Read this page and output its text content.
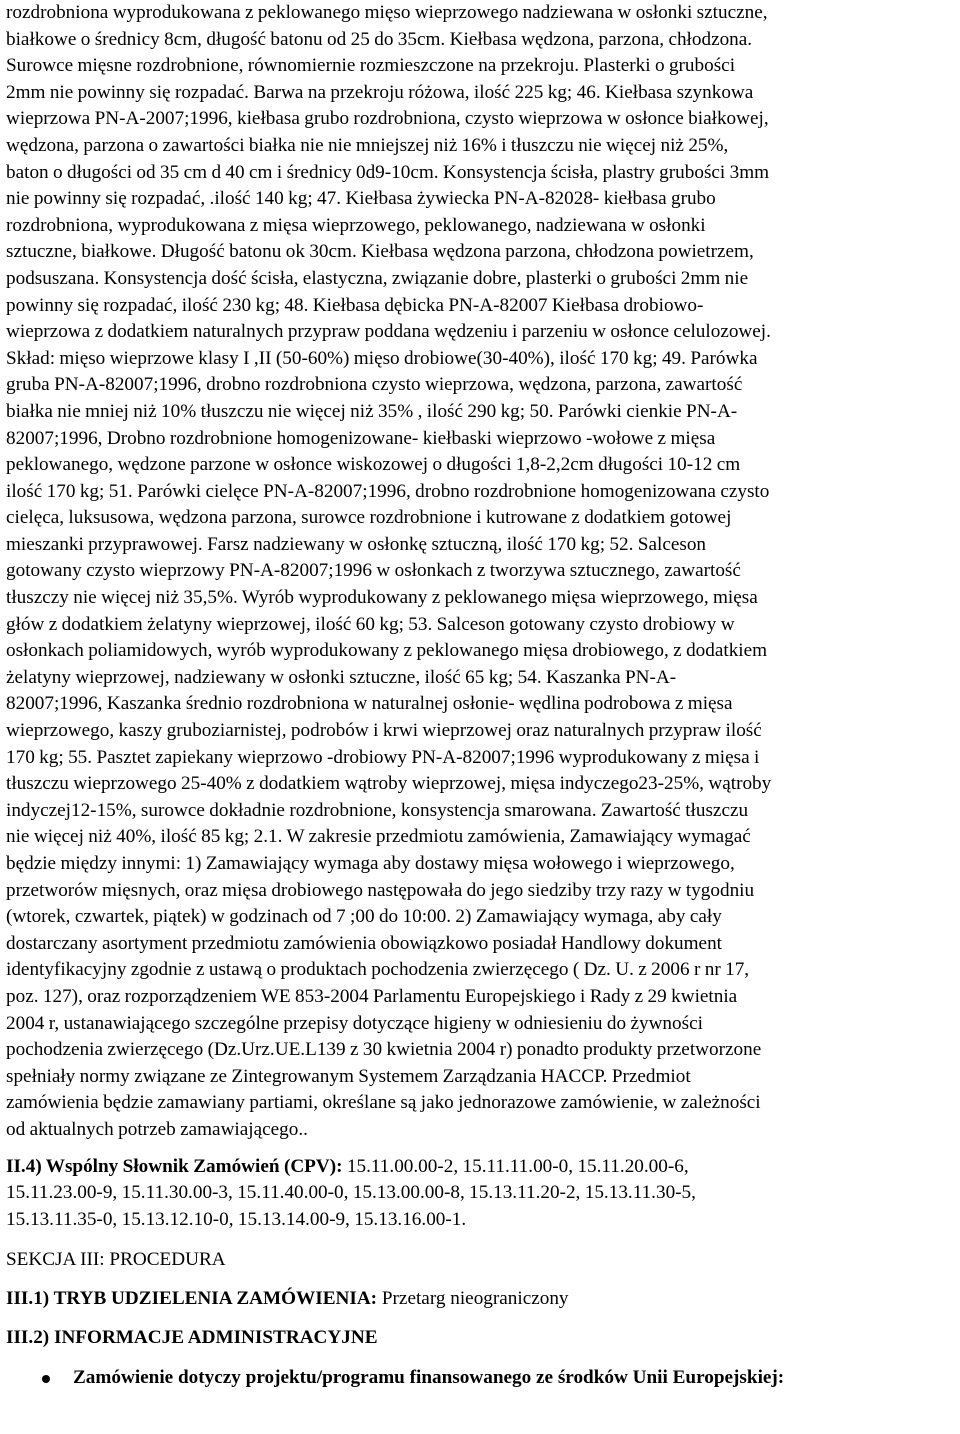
rozdrobniona wyprodukowana z peklowanego mięso wieprzowego nadziewana w osłonki sztuczne,
białkowe o średnicy 8cm, długość batonu od 25 do 35cm. Kiełbasa wędzona, parzona, chłodzona.
Surowce mięsne rozdrobnione, równomiernie rozmieszczone na przekroju. Plasterki o grubości
2mm nie powinny się rozpadać. Barwa na przekroju różowa, ilość 225 kg; 46. Kiełbasa szynkowa
wieprzowa PN-A-2007;1996, kiełbasa grubo rozdrobniona, czysto wieprzowa w osłonce białkowej,
wędzona, parzona o zawartości białka nie nie mniejszej niż 16% i tłuszczu nie więcej niż 25%,
baton o długości od 35 cm d 40 cm i średnicy 0d9-10cm. Konsystencja ścisła, plastry grubości 3mm
nie powinny się rozpadać, .ilość 140 kg; 47. Kiełbasa żywiecka PN-A-82028- kiełbasa grubo
rozdrobniona, wyprodukowana z mięsa wieprzowego, peklowanego, nadziewana w osłonki
sztuczne, białkowe. Długość batonu ok 30cm. Kiełbasa wędzona parzona, chłodzona powietrzem,
podsuszana. Konsystencja dość ścisła, elastyczna, związanie dobre, plasterki o grubości 2mm nie
powinny się rozpadać, ilość 230 kg; 48. Kiełbasa dębicka PN-A-82007 Kiełbasa drobiowo-
wieprzowa z dodatkiem naturalnych przypraw poddana wędzeniu i parzeniu w osłonce celulozowej.
Skład: mięso wieprzowe klasy I ,II (50-60%) mięso drobiowe(30-40%), ilość 170 kg; 49. Parówka
gruba PN-A-82007;1996, drobno rozdrobniona czysto wieprzowa, wędzona, parzona, zawartość
białka nie mniej niż 10% tłuszczu nie więcej niż 35% , ilość 290 kg; 50. Parówki cienkie PN-A-
82007;1996, Drobno rozdrobnione homogenizowane- kiełbaski wieprzowo -wołowe z mięsa
peklowanego, wędzone parzone w osłonce wiskozowej o długości 1,8-2,2cm długości 10-12 cm
ilość 170 kg; 51. Parówki cielęce PN-A-82007;1996, drobno rozdrobnione homogenizowana czysto
cielęca, luksusowa, wędzona parzona, surowce rozdrobnione i kutrowane z dodatkiem gotowej
mieszanki przyprawowej. Farsz nadziewany w osłonkę sztuczną, ilość 170 kg; 52. Salceson
gotowany czysto wieprzowy PN-A-82007;1996 w osłonkach z tworzywa sztucznego, zawartość
tłuszczy nie więcej niż 35,5%. Wyrób wyprodukowany z peklowanego mięsa wieprzowego, mięsa
głów z dodatkiem żelatyny wieprzowej, ilość 60 kg; 53. Salceson gotowany czysto drobiowy w
osłonkach poliamidowych, wyrób wyprodukowany z peklowanego mięsa drobiowego, z dodatkiem
żelatyny wieprzowej, nadziewany w osłonki sztuczne, ilość 65 kg; 54. Kaszanka PN-A-
82007;1996, Kaszanka średnio rozdrobniona w naturalnej osłonie- wędlina podrobowa z mięsa
wieprzowego, kaszy gruboziarnistej, podrobów i krwi wieprzowej oraz naturalnych przypraw ilość
170 kg; 55. Pasztet zapiekany wieprzowo -drobiowy PN-A-82007;1996 wyprodukowany z mięsa i
tłuszczu wieprzowego 25-40% z dodatkiem wątroby wieprzowej, mięsa indyczego23-25%, wątroby
indyczej12-15%, surowce dokładnie rozdrobnione, konsystencja smarowana. Zawartość tłuszczu
nie więcej niż 40%, ilość 85 kg; 2.1. W zakresie przedmiotu zamówienia, Zamawiający wymagać
będzie między innymi: 1) Zamawiający wymaga aby dostawy mięsa wołowego i wieprzowego,
przetworów mięsnych, oraz mięsa drobiowego następowała do jego siedziby trzy razy w tygodniu
(wtorek, czwartek, piątek) w godzinach od 7 ;00 do 10:00. 2) Zamawiający wymaga, aby cały
dostarczany asortyment przedmiotu zamówienia obowiązkowo posiadał Handlowy dokument
identyfikacyjny zgodnie z ustawą o produktach pochodzenia zwierzęcego ( Dz. U. z 2006 r nr 17,
poz. 127), oraz rozporządzeniem WE 853-2004 Parlamentu Europejskiego i Rady z 29 kwietnia
2004 r, ustanawiającego szczególne przepisy dotyczące higieny w odniesieniu do żywności
pochodzenia zwierzęcego (Dz.Urz.UE.L139 z 30 kwietnia 2004 r) ponadto produkty przetworzone
spełniały normy związane ze Zintegrowanym Systemem Zarządzania HACCP. Przedmiot
zamówienia będzie zamawiany partiami, określane są jako jednorazowe zamówienie, w zależności
od aktualnych potrzeb zamawiającego..

II.4) Wspólny Słownik Zamówień (CPV): 15.11.00.00-2, 15.11.11.00-0, 15.11.20.00-6,
15.11.23.00-9, 15.11.30.00-3, 15.11.40.00-0, 15.13.00.00-8, 15.13.11.20-2, 15.13.11.30-5,
15.13.11.35-0, 15.13.12.10-0, 15.13.14.00-9, 15.13.16.00-1.

SEKCJA III: PROCEDURA
III.1) TRYB UDZIELENIA ZAMÓWIENIA: Przetarg nieograniczony
III.2) INFORMACJE ADMINISTRACYJNE
Zamówienie dotyczy projektu/programu finansowanego ze środków Unii Europejskiej:
